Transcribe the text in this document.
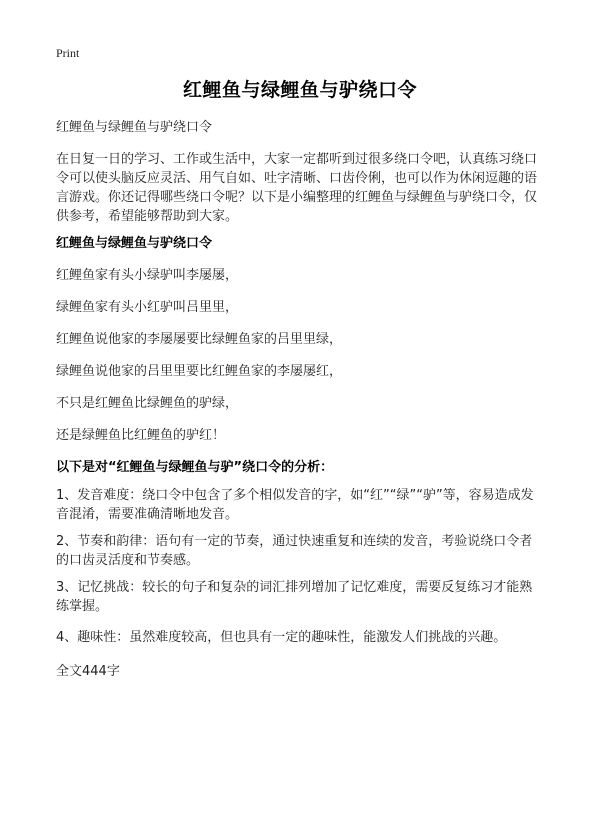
Print
红鲤鱼与绿鲤鱼与驴绕口令

红鲤鱼与绿鲤鱼与驴绕口令

在日复一日的学习、工作或生活中，大家一定都听到过很多绕口令吧，认真练习绕口令可以使头脑反应灵活、用气自如、吐字清晰、口齿伶俐，也可以作为休闲逗趣的语言游戏。你还记得哪些绕口令呢？以下是小编整理的红鲤鱼与绿鲤鱼与驴绕口令，仅供参考，希望能够帮助到大家。

红鲤鱼与绿鲤鱼与驴绕口令

红鲤鱼家有头小绿驴叫李屡屡，

绿鲤鱼家有头小红驴叫吕里里，

红鲤鱼说他家的李屡屡要比绿鲤鱼家的吕里里绿，

绿鲤鱼说他家的吕里里要比红鲤鱼家的李屡屡红，

不只是红鲤鱼比绿鲤鱼的驴绿，

还是绿鲤鱼比红鲤鱼的驴红！

以下是对“红鲤鱼与绿鲤鱼与驴”绕口令的分析：

1、发音难度：绕口令中包含了多个相似发音的字，如“红”“绿”“驴”等，容易造成发音混淆，需要准确清晰地发音。

2、节奏和韵律：语句有一定的节奏，通过快速重复和连续的发音，考验说绕口令者的口齿灵活度和节奏感。

3、记忆挑战：较长的句子和复杂的词汇排列增加了记忆难度，需要反复练习才能熟练掌握。

4、趣味性：虽然难度较高，但也具有一定的趣味性，能激发人们挑战的兴趣。

全文444字
